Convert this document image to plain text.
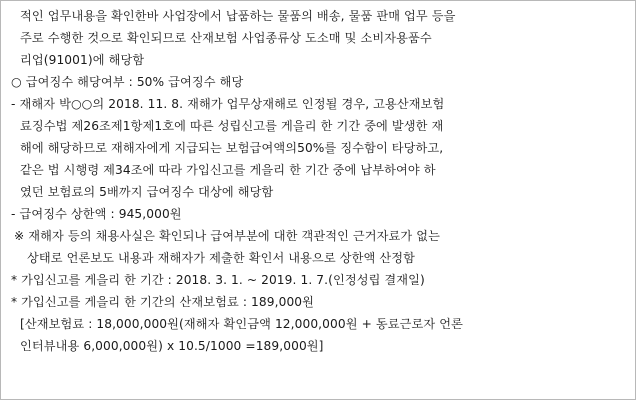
적인 업무내용을 확인한바 사업장에서 납품하는 물품의 배송, 물품 판매 업무 등을
주로 수행한 것으로 확인되므로 산재보험 사업종류상 도소매 및 소비자용품수
리업(91001)에 해당함
○ 급여징수 해당여부 : 50% 급여징수 해당
- 재해자 박○○의 2018. 11. 8. 재해가 업무상재해로 인정될 경우, 고용산재보험
료징수법 제26조제1항제1호에 따른 성립신고를 게을리 한 기간 중에 발생한 재
해에 해당하므로 재해자에게 지급되는 보험급여액의50%를 징수함이 타당하고,
같은 법 시행령 제34조에 따라 가입신고를 게을리 한 기간 중에 납부하여야 하
였던 보험료의 5배까지 급여징수 대상에 해당함
- 급여징수 상한액 : 945,000원
※ 재해자 등의 채용사실은 확인되나 급여부분에 대한 객관적인 근거자료가 없는
상태로 언론보도 내용과 재해자가 제출한 확인서 내용으로 상한액 산정함
* 가입신고를 게을리 한 기간 : 2018. 3. 1. ~ 2019. 1. 7.(인정성립 결재일)
* 가입신고를 게을리 한 기간의 산재보험료 : 189,000원
[산재보험료 : 18,000,000원(재해자 확인금액 12,000,000원 + 동료근로자 언론
인터뷰내용 6,000,000원) x 10.5/1000 =189,000원]
